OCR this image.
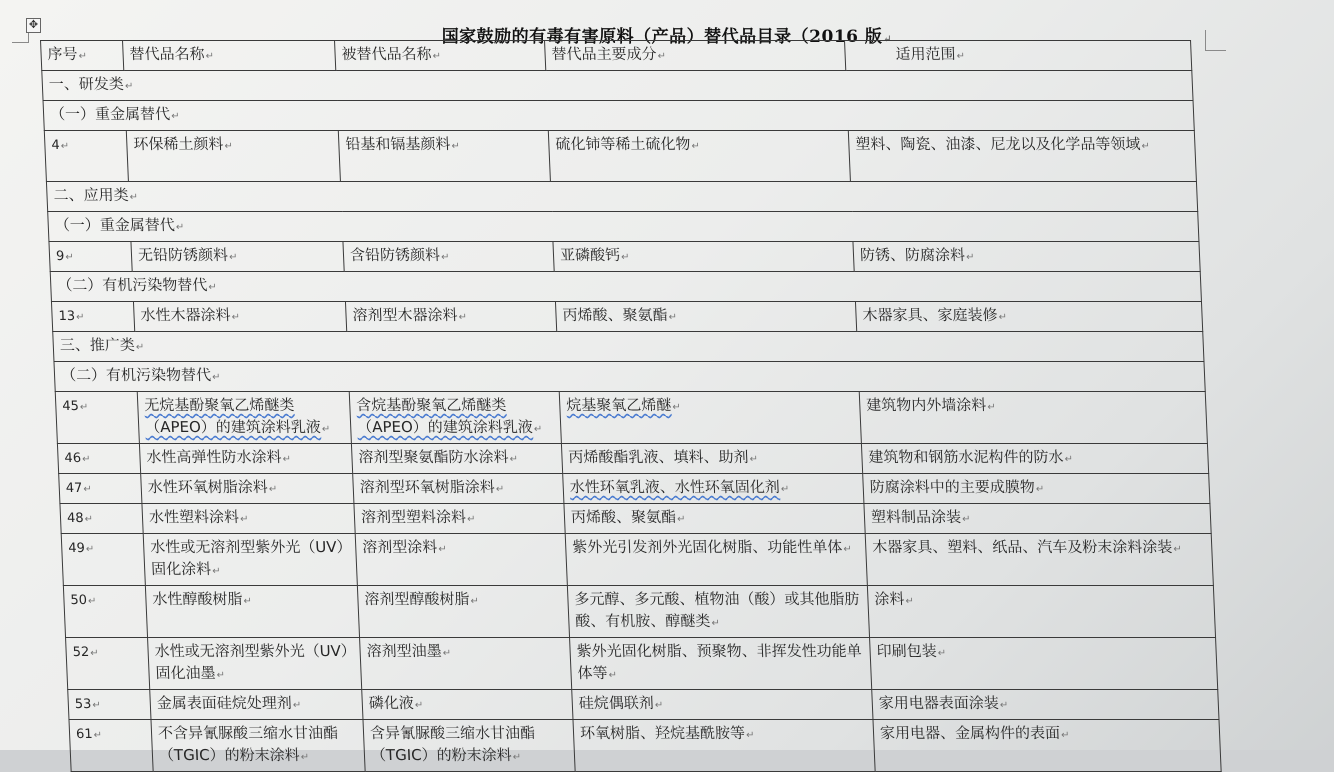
✥
国家鼓励的有毒有害原料（产品）替代品目录（2016 版↵
序号↵	替代品名称↵	被替代品名称↵	替代品主要成分↵	适用范围↵
一、研发类↵				
（一）重金属替代↵				
4↵	环保稀土颜料↵	铅基和镉基颜料↵	硫化铈等稀土硫化物↵	塑料、陶瓷、油漆、尼龙以及化学品等领域↵
二、应用类↵				
（一）重金属替代↵				
9↵	无铅防锈颜料↵	含铅防锈颜料↵	亚磷酸钙↵	防锈、防腐涂料↵
（二）有机污染物替代↵				
13↵	水性木器涂料↵	溶剂型木器涂料↵	丙烯酸、聚氨酯↵	木器家具、家庭装修↵
三、推广类↵				
（二）有机污染物替代↵				
45↵	无烷基酚聚氧乙烯醚类（APEO）的建筑涂料乳液↵	含烷基酚聚氧乙烯醚类（APEO）的建筑涂料乳液↵	烷基聚氧乙烯醚↵	建筑物内外墙涂料↵
46↵	水性高弹性防水涂料↵	溶剂型聚氨酯防水涂料↵	丙烯酸酯乳液、填料、助剂↵	建筑物和钢筋水泥构件的防水↵
47↵	水性环氧树脂涂料↵	溶剂型环氧树脂涂料↵	水性环氧乳液、水性环氧固化剂↵	防腐涂料中的主要成膜物↵
48↵	水性塑料涂料↵	溶剂型塑料涂料↵	丙烯酸、聚氨酯↵	塑料制品涂装↵
49↵	水性或无溶剂型紫外光（UV）固化涂料↵	溶剂型涂料↵	紫外光引发剂外光固化树脂、功能性单体↵	木器家具、塑料、纸品、汽车及粉末涂料涂装↵
50↵	水性醇酸树脂↵	溶剂型醇酸树脂↵	多元醇、多元酸、植物油（酸）或其他脂肪酸、有机胺、醇醚类↵	涂料↵
52↵	水性或无溶剂型紫外光（UV）固化油墨↵	溶剂型油墨↵	紫外光固化树脂、预聚物、非挥发性功能单体等↵	印刷包装↵
53↵	金属表面硅烷处理剂↵	磷化液↵	硅烷偶联剂↵	家用电器表面涂装↵
61↵	不含异氰脲酸三缩水甘油酯（TGIC）的粉末涂料↵	含异氰脲酸三缩水甘油酯（TGIC）的粉末涂料↵	环氧树脂、羟烷基酰胺等↵	家用电器、金属构件的表面↵
